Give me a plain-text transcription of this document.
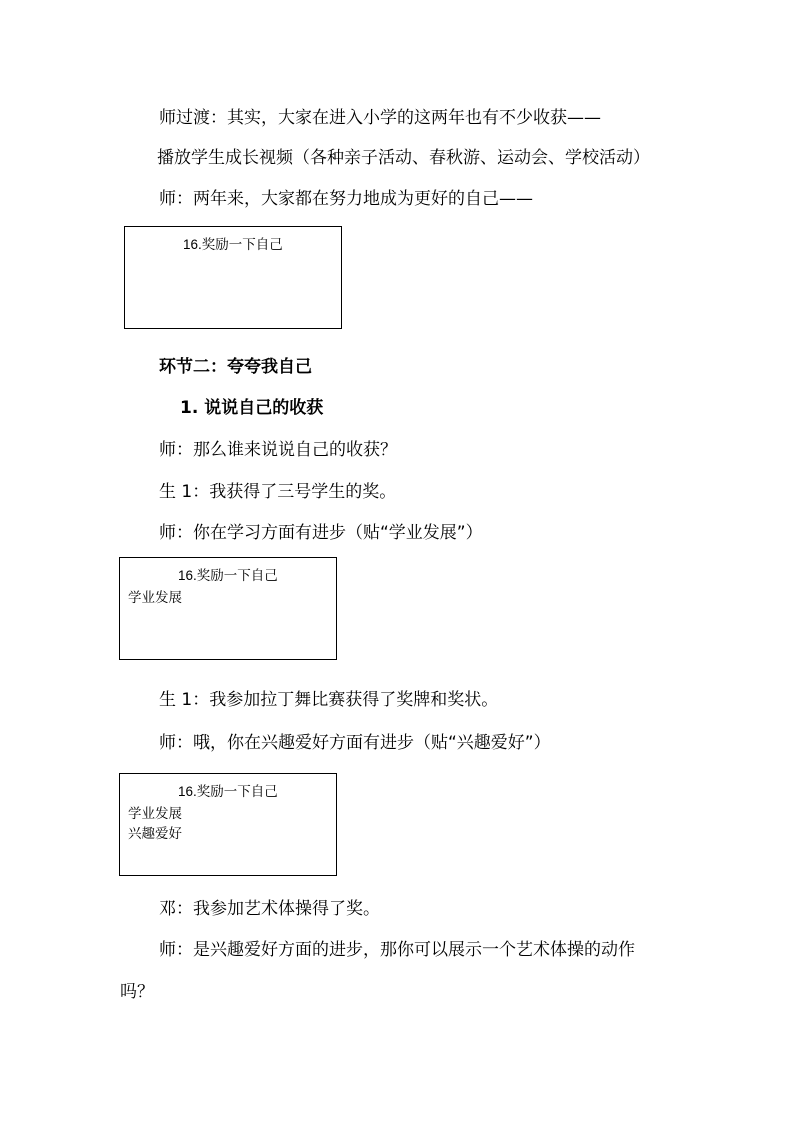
师过渡：其实，大家在进入小学的这两年也有不少收获——
播放学生成长视频（各种亲子活动、春秋游、运动会、学校活动）
师：两年来，大家都在努力地成为更好的自己——
16.奖励一下自己
环节二：夸夸我自己
1. 说说自己的收获
师：那么谁来说说自己的收获？
生 1：我获得了三号学生的奖。
师：你在学习方面有进步（贴“学业发展”）
16.奖励一下自己
学业发展
生 1：我参加拉丁舞比赛获得了奖牌和奖状。
师：哦，你在兴趣爱好方面有进步（贴“兴趣爱好”）
16.奖励一下自己
学业发展
兴趣爱好
邓：我参加艺术体操得了奖。
师：是兴趣爱好方面的进步，那你可以展示一个艺术体操的动作
吗？
